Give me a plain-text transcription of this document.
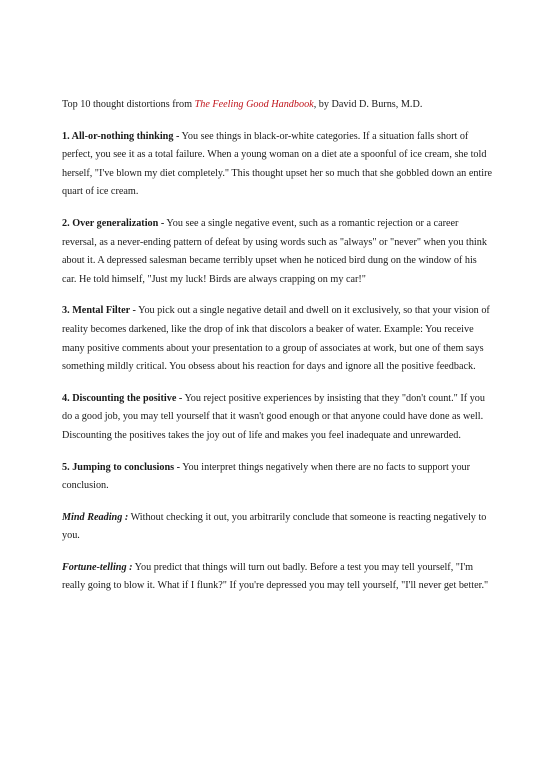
Top 10 thought distortions from The Feeling Good Handbook, by David D. Burns, M.D.

1. All-or-nothing thinking - You see things in black-or-white categories. If a situation falls short of perfect, you see it as a total failure. When a young woman on a diet ate a spoonful of ice cream, she told herself, "I've blown my diet completely." This thought upset her so much that she gobbled down an entire quart of ice cream.

2. Over generalization - You see a single negative event, such as a romantic rejection or a career reversal, as a never-ending pattern of defeat by using words such as "always" or "never" when you think about it. A depressed salesman became terribly upset when he noticed bird dung on the window of his car. He told himself, "Just my luck! Birds are always crapping on my car!"

3. Mental Filter - You pick out a single negative detail and dwell on it exclusively, so that your vision of reality becomes darkened, like the drop of ink that discolors a beaker of water. Example: You receive many positive comments about your presentation to a group of associates at work, but one of them says something mildly critical. You obsess about his reaction for days and ignore all the positive feedback.

4. Discounting the positive - You reject positive experiences by insisting that they "don't count." If you do a good job, you may tell yourself that it wasn't good enough or that anyone could have done as well. Discounting the positives takes the joy out of life and makes you feel inadequate and unrewarded.

5. Jumping to conclusions - You interpret things negatively when there are no facts to support your conclusion.

Mind Reading : Without checking it out, you arbitrarily conclude that someone is reacting negatively to you.

Fortune-telling : You predict that things will turn out badly. Before a test you may tell yourself, "I'm really going to blow it. What if I flunk?" If you're depressed you may tell yourself, "I'll never get better."
